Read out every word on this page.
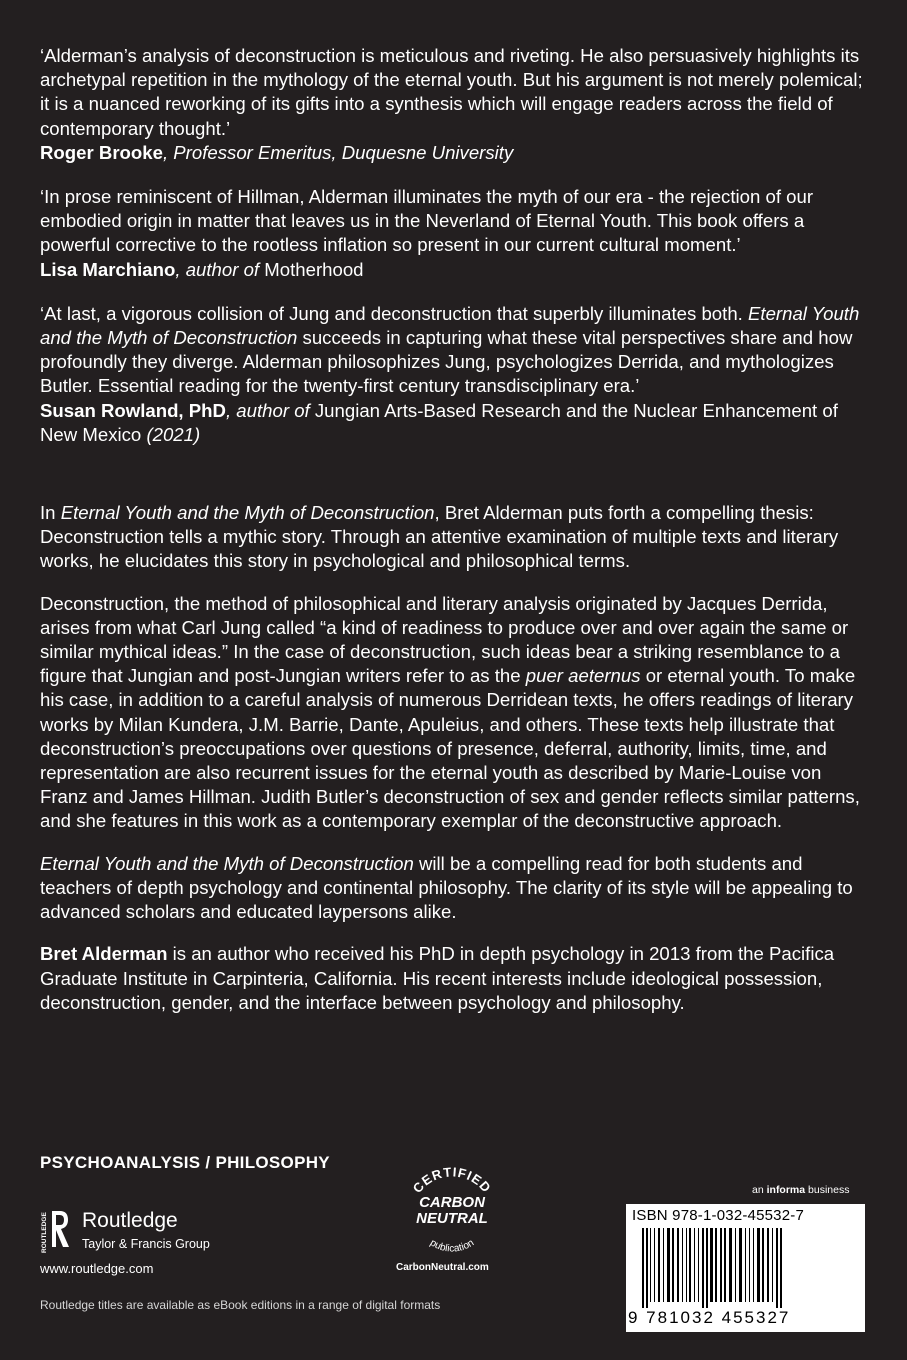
‘Alderman’s analysis of deconstruction is meticulous and riveting. He also persuasively highlights its archetypal repetition in the mythology of the eternal youth. But his argument is not merely polemical; it is a nuanced reworking of its gifts into a synthesis which will engage readers across the field of contemporary thought.’
Roger Brooke, Professor Emeritus, Duquesne University
‘In prose reminiscent of Hillman, Alderman illuminates the myth of our era - the rejection of our embodied origin in matter that leaves us in the Neverland of Eternal Youth. This book offers a powerful corrective to the rootless inflation so present in our current cultural moment.’
Lisa Marchiano, author of Motherhood
‘At last, a vigorous collision of Jung and deconstruction that superbly illuminates both. Eternal Youth and the Myth of Deconstruction succeeds in capturing what these vital perspectives share and how profoundly they diverge. Alderman philosophizes Jung, psychologizes Derrida, and mythologizes Butler. Essential reading for the twenty-first century transdisciplinary era.’
Susan Rowland, PhD, author of Jungian Arts-Based Research and the Nuclear Enhancement of New Mexico (2021)

In Eternal Youth and the Myth of Deconstruction, Bret Alderman puts forth a compelling thesis: Deconstruction tells a mythic story. Through an attentive examination of multiple texts and literary works, he elucidates this story in psychological and philosophical terms.

Deconstruction, the method of philosophical and literary analysis originated by Jacques Derrida, arises from what Carl Jung called “a kind of readiness to produce over and over again the same or similar mythical ideas.” In the case of deconstruction, such ideas bear a striking resemblance to a figure that Jungian and post-Jungian writers refer to as the puer aeternus or eternal youth. To make his case, in addition to a careful analysis of numerous Derridean texts, he offers readings of literary works by Milan Kundera, J.M. Barrie, Dante, Apuleius, and others. These texts help illustrate that deconstruction’s preoccupations over questions of presence, deferral, authority, limits, time, and representation are also recurrent issues for the eternal youth as described by Marie-Louise von Franz and James Hillman. Judith Butler’s deconstruction of sex and gender reflects similar patterns, and she features in this work as a contemporary exemplar of the deconstructive approach.

Eternal Youth and the Myth of Deconstruction will be a compelling read for both students and teachers of depth psychology and continental philosophy. The clarity of its style will be appealing to advanced scholars and educated laypersons alike.

Bret Alderman is an author who received his PhD in depth psychology in 2013 from the Pacifica Graduate Institute in Carpinteria, California. His recent interests include ideological possession, deconstruction, gender, and the interface between psychology and philosophy.

PSYCHOANALYSIS / PHILOSOPHY
ROUTLEDGE Routledge
Taylor & Francis Group
www.routledge.com
Routledge titles are available as eBook editions in a range of digital formats
CERTIFIED
CARBON
NEUTRAL
publication
CarbonNeutral.com
an informa business
ISBN 978-1-032-45532-7
9 781032 455327
